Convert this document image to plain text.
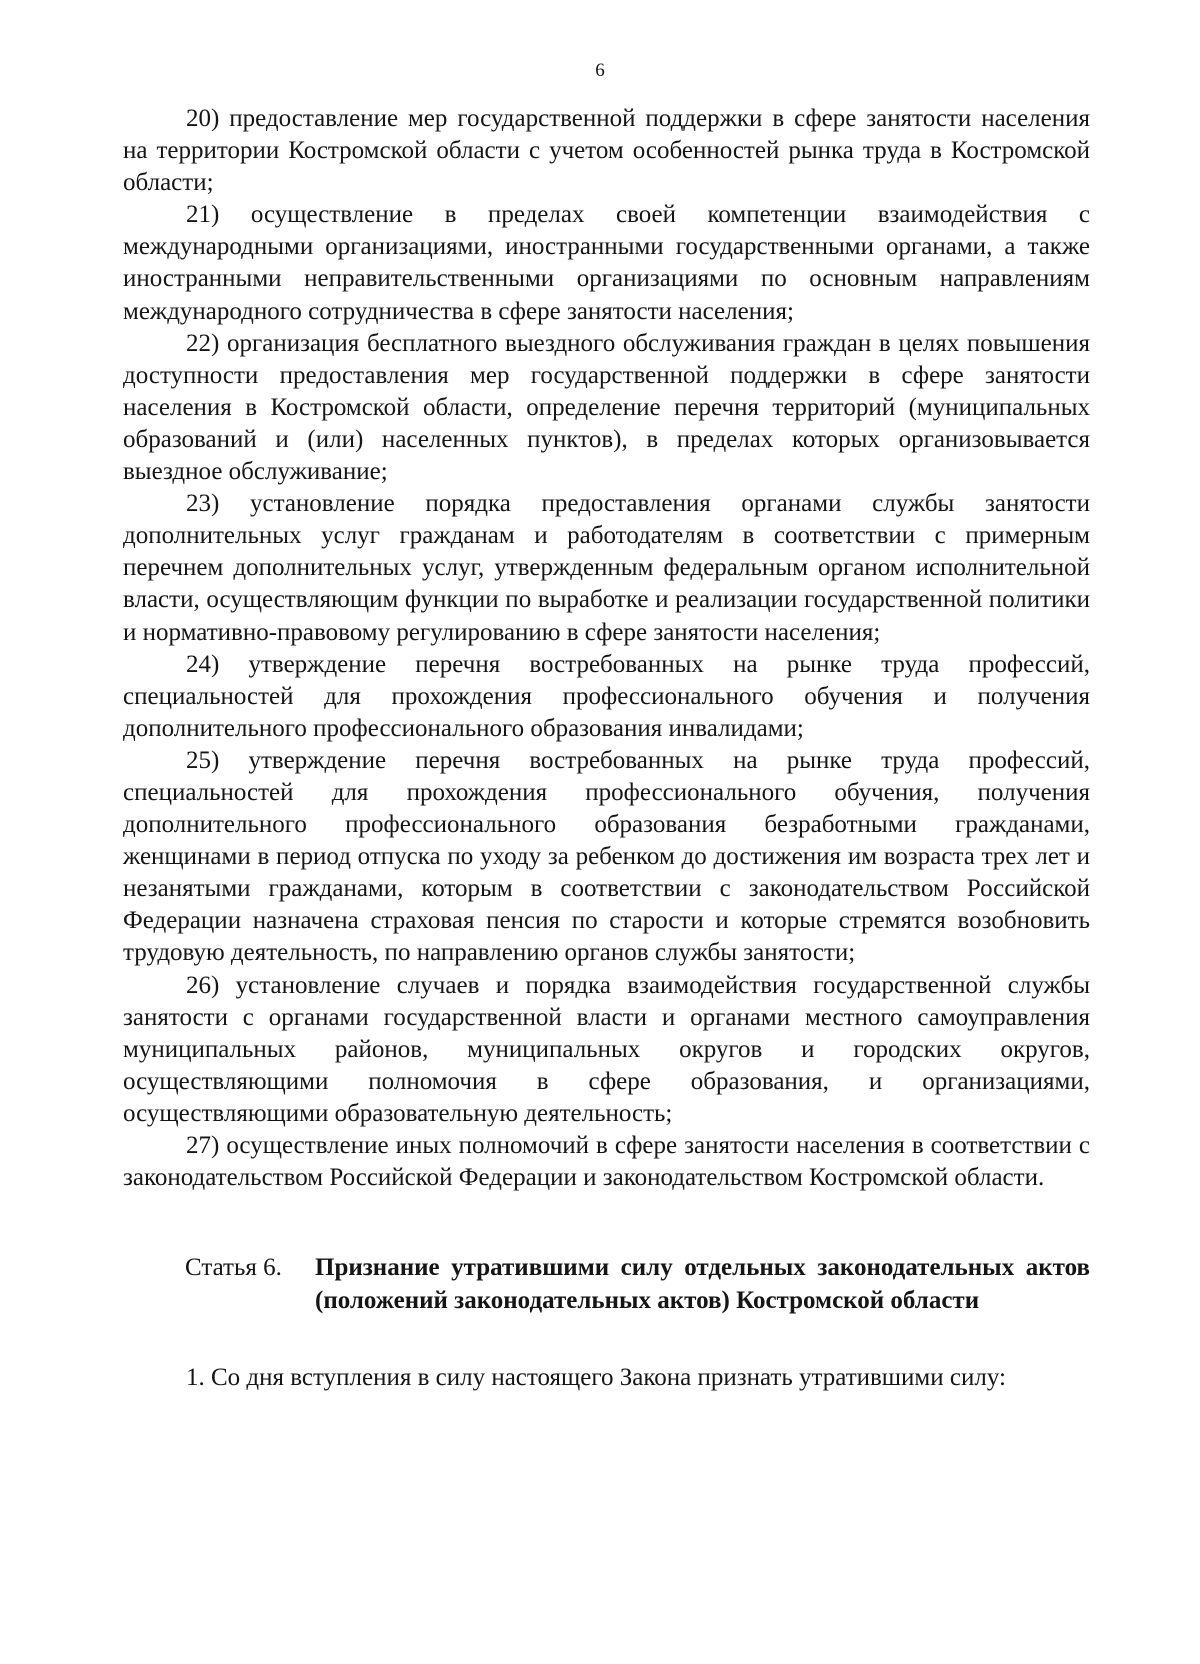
6

20) предоставление мер государственной поддержки в сфере занятости населения на территории Костромской области с учетом особенностей рынка труда в Костромской области;

21) осуществление в пределах своей компетенции взаимодействия с международными организациями, иностранными государственными органами, а также иностранными неправительственными организациями по основным направлениям международного сотрудничества в сфере занятости населения;

22) организация бесплатного выездного обслуживания граждан в целях повышения доступности предоставления мер государственной поддержки в сфере занятости населения в Костромской области, определение перечня территорий (муниципальных образований и (или) населенных пунктов), в пределах которых организовывается выездное обслуживание;

23) установление порядка предоставления органами службы занятости дополнительных услуг гражданам и работодателям в соответствии с примерным перечнем дополнительных услуг, утвержденным федеральным органом исполнительной власти, осуществляющим функции по выработке и реализации государственной политики и нормативно-правовому регулированию в сфере занятости населения;

24) утверждение перечня востребованных на рынке труда профессий, специальностей для прохождения профессионального обучения и получения дополнительного профессионального образования инвалидами;

25) утверждение перечня востребованных на рынке труда профессий, специальностей для прохождения профессионального обучения, получения дополнительного профессионального образования безработными гражданами, женщинами в период отпуска по уходу за ребенком до достижения им возраста трех лет и незанятыми гражданами, которым в соответствии с законодательством Российской Федерации назначена страховая пенсия по старости и которые стремятся возобновить трудовую деятельность, по направлению органов службы занятости;

26) установление случаев и порядка взаимодействия государственной службы занятости с органами государственной власти и органами местного самоуправления муниципальных районов, муниципальных округов и городских округов, осуществляющими полномочия в сфере образования, и организациями, осуществляющими образовательную деятельность;

27) осуществление иных полномочий в сфере занятости населения в соответствии с законодательством Российской Федерации и законодательством Костромской области.

Статья 6.	Признание утратившими силу отдельных законодательных актов (положений законодательных актов) Костромской области

1. Со дня вступления в силу настоящего Закона признать утратившими силу:
